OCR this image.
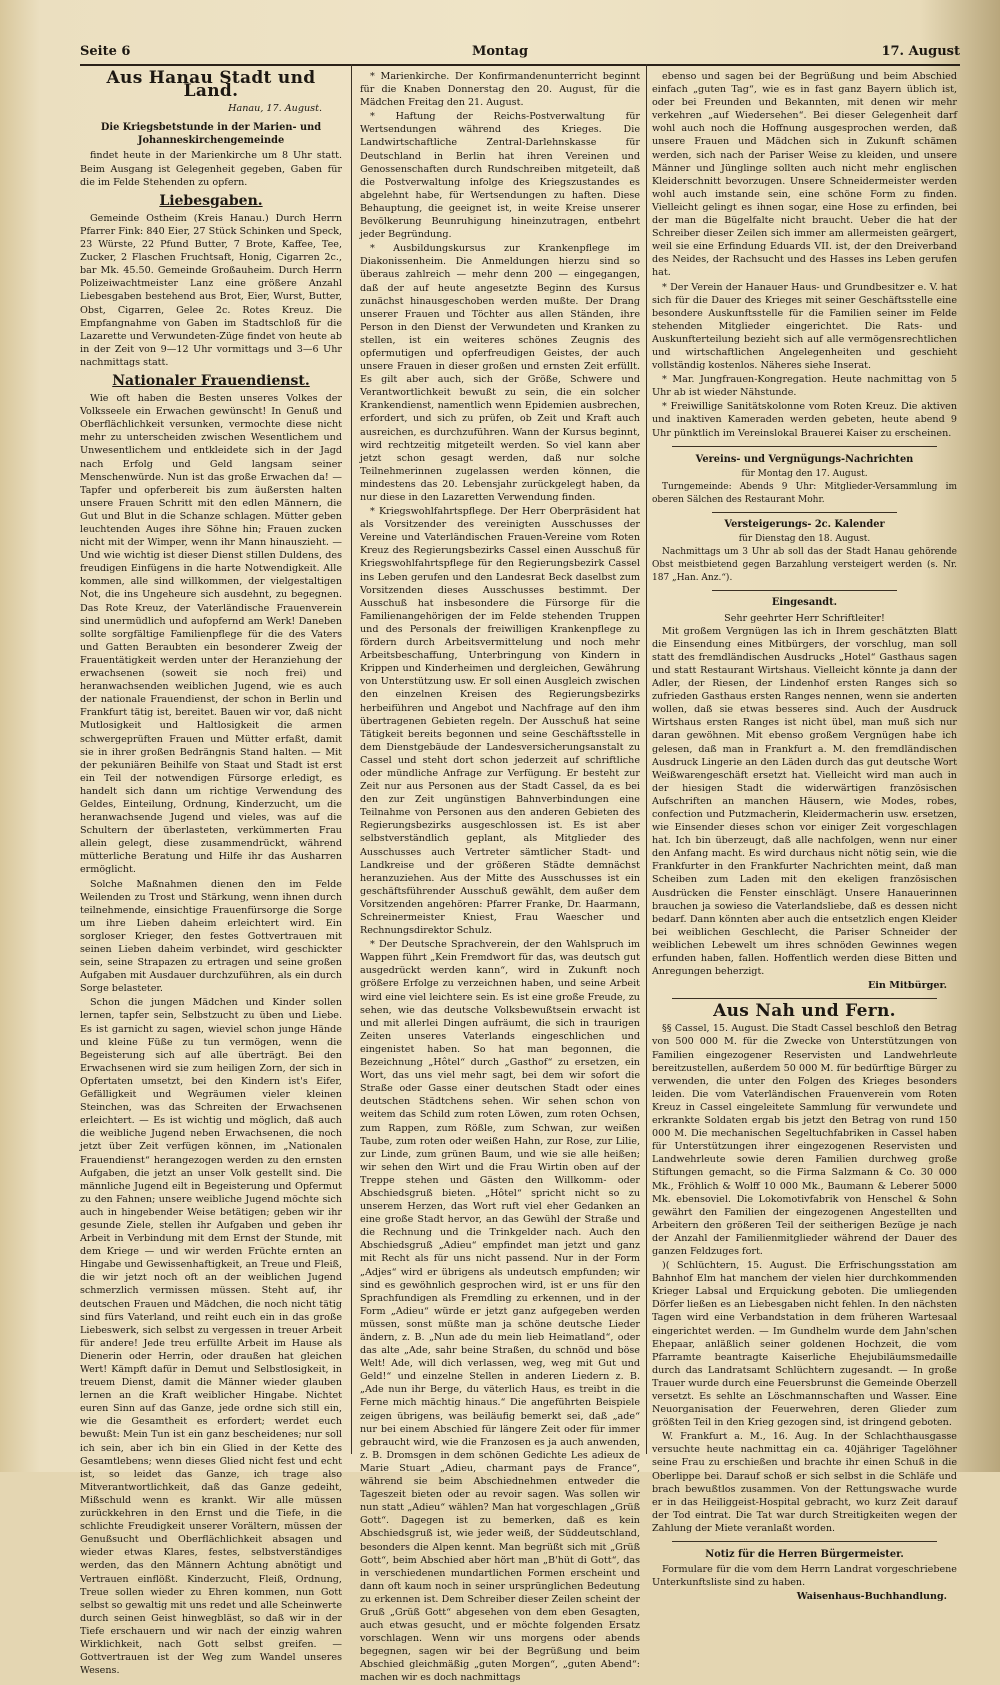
Seite 6	Montag	17. August
Aus Hanau Stadt und Land.
Hanau, 17. August.
Die Kriegsbetstunde in der Marien- und Johanneskirchengemeinde

findet heute in der Marienkirche um 8 Uhr statt. Beim Ausgang ist Gelegenheit gegeben, Gaben für die im Felde Stehenden zu opfern.

Liebesgaben.

Gemeinde Ostheim (Kreis Hanau.) Durch Herrn Pfarrer Fink: 840 Eier, 27 Stück Schinken und Speck, 23 Würste, 22 Pfund Butter, 7 Brote, Kaffee, Tee, Zucker, 2 Flaschen Fruchtsaft, Honig, Cigarren 2c., bar Mk. 45.50. Gemeinde Großauheim. Durch Herrn Polizeiwachtmeister Lanz eine größere Anzahl Liebesgaben bestehend aus Brot, Eier, Wurst, Butter, Obst, Cigarren, Gelee 2c. Rotes Kreuz. Die Empfangnahme von Gaben im Stadtschloß für die Lazarette und Verwundeten-Züge findet von heute ab in der Zeit von 9—12 Uhr vormittags und 3—6 Uhr nachmittags statt.

Nationaler Frauendienst.

Wie oft haben die Besten unseres Volkes der Volksseele ein Erwachen gewünscht! In Genuß und Oberflächlichkeit versunken, vermochte diese nicht mehr zu unterscheiden zwischen Wesentlichem und Unwesentlichem und entkleidete sich in der Jagd nach Erfolg und Geld langsam seiner Menschenwürde. Nun ist das große Erwachen da! — Tapfer und opferbereit bis zum äußersten halten unsere Frauen Schritt mit den edlen Männern, die Gut und Blut in die Schanze schlagen. Mütter geben leuchtenden Auges ihre Söhne hin; Frauen zucken nicht mit der Wimper, wenn ihr Mann hinauszieht. — Und wie wichtig ist dieser Dienst stillen Duldens, des freudigen Einfügens in die harte Notwendigkeit. Alle kommen, alle sind willkommen, der vielgestaltigen Not, die ins Ungeheure sich ausdehnt, zu begegnen. Das Rote Kreuz, der Vaterländische Frauenverein sind unermüdlich und aufopfernd am Werk! Daneben sollte sorgfältige Familienpflege für die des Vaters und Gatten Beraubten ein besonderer Zweig der Frauentätigkeit werden unter der Heranziehung der erwachsenen (soweit sie noch frei) und heranwachsenden weiblichen Jugend, wie es auch der nationale Frauendienst, der schon in Berlin und Frankfurt tätig ist, bereitet. Bauen wir vor, daß nicht Mutlosigkeit und Haltlosigkeit die armen schwergeprüften Frauen und Mütter erfaßt, damit sie in ihrer großen Bedrängnis Stand halten. — Mit der pekuniären Beihilfe von Staat und Stadt ist erst ein Teil der notwendigen Fürsorge erledigt, es handelt sich dann um richtige Verwendung des Geldes, Einteilung, Ordnung, Kinderzucht, um die heranwachsende Jugend und vieles, was auf die Schultern der überlasteten, verkümmerten Frau allein gelegt, diese zusammendrückt, während mütterliche Beratung und Hilfe ihr das Ausharren ermöglicht.

Solche Maßnahmen dienen den im Felde Weilenden zu Trost und Stärkung, wenn ihnen durch teilnehmende, einsichtige Frauenfürsorge die Sorge um ihre Lieben daheim erleichtert wird. Ein sorgloser Krieger, den festes Gottvertrauen mit seinen Lieben daheim verbindet, wird geschickter sein, seine Strapazen zu ertragen und seine großen Aufgaben mit Ausdauer durchzuführen, als ein durch Sorge belasteter.

Schon die jungen Mädchen und Kinder sollen lernen, tapfer sein, Selbstzucht zu üben und Liebe. Es ist garnicht zu sagen, wieviel schon junge Hände und kleine Füße zu tun vermögen, wenn die Begeisterung sich auf alle überträgt. Bei den Erwachsenen wird sie zum heiligen Zorn, der sich in Opfertaten umsetzt, bei den Kindern ist's Eifer, Gefälligkeit und Wegräumen vieler kleinen Steinchen, was das Schreiten der Erwachsenen erleichtert. — Es ist wichtig und möglich, daß auch die weibliche Jugend neben Erwachsenen, die noch jetzt über Zeit verfügen können, im „Nationalen Frauendienst“ herangezogen werden zu den ernsten Aufgaben, die jetzt an unser Volk gestellt sind. Die männliche Jugend eilt in Begeisterung und Opfermut zu den Fahnen; unsere weibliche Jugend möchte sich auch in hingebender Weise betätigen; geben wir ihr gesunde Ziele, stellen ihr Aufgaben und geben ihr Arbeit in Verbindung mit dem Ernst der Stunde, mit dem Kriege — und wir werden Früchte ernten an Hingabe und Gewissenhaftigkeit, an Treue und Fleiß, die wir jetzt noch oft an der weiblichen Jugend schmerzlich vermissen müssen. Steht auf, ihr deutschen Frauen und Mädchen, die noch nicht tätig sind fürs Vaterland, und reiht euch ein in das große Liebeswerk, sich selbst zu vergessen in treuer Arbeit für andere! Jede treu erfüllte Arbeit im Hause als Dienerin oder Herrin, oder draußen hat gleichen Wert! Kämpft dafür in Demut und Selbstlosigkeit, in treuem Dienst, damit die Männer wieder glauben lernen an die Kraft weiblicher Hingabe. Nichtet euren Sinn auf das Ganze, jede ordne sich still ein, wie die Gesamtheit es erfordert; werdet euch bewußt: Mein Tun ist ein ganz bescheidenes; nur soll ich sein, aber ich bin ein Glied in der Kette des Gesamtlebens; wenn dieses Glied nicht fest und echt ist, so leidet das Ganze, ich trage also Mitverantwortlichkeit, daß das Ganze gedeiht, Mißschuld wenn es krankt. Wir alle müssen zurückkehren in den Ernst und die Tiefe, in die schlichte Freudigkeit unserer Vorältern, müssen der Genußsucht und Oberflächlichkeit absagen und wieder etwas Klares, festes, selbstverständiges werden, das den Männern Achtung abnötigt und Vertrauen einflößt. Kinderzucht, Fleiß, Ordnung, Treue sollen wieder zu Ehren kommen, nun Gott selbst so gewaltig mit uns redet und alle Scheinwerte durch seinen Geist hinwegbläst, so daß wir in der Tiefe erschauern und wir nach der einzig wahren Wirklichkeit, nach Gott selbst greifen. — Gottvertrauen ist der Weg zum Wandel unseres Wesens.

* Marienkirche. Der Konfirmandenunterricht beginnt für die Knaben Donnerstag den 20. August, für die Mädchen Freitag den 21. August.

* Haftung der Reichs-Postverwaltung für Wertsendungen während des Krieges. Die Landwirtschaftliche Zentral-Darlehnskasse für Deutschland in Berlin hat ihren Vereinen und Genossenschaften durch Rundschreiben mitgeteilt, daß die Postverwaltung infolge des Kriegszustandes es abgelehnt habe, für Wertsendungen zu haften. Diese Behauptung, die geeignet ist, in weite Kreise unserer Bevölkerung Beunruhigung hineinzutragen, entbehrt jeder Begründung.

* Ausbildungskursus zur Krankenpflege im Diakonissenheim. Die Anmeldungen hierzu sind so überaus zahlreich — mehr denn 200 — eingegangen, daß der auf heute angesetzte Beginn des Kursus zunächst hinausgeschoben werden mußte. Der Drang unserer Frauen und Töchter aus allen Ständen, ihre Person in den Dienst der Verwundeten und Kranken zu stellen, ist ein weiteres schönes Zeugnis des opfermutigen und opferfreudigen Geistes, der auch unsere Frauen in dieser großen und ernsten Zeit erfüllt. Es gilt aber auch, sich der Größe, Schwere und Verantwortlichkeit bewußt zu sein, die ein solcher Krankendienst, namentlich wenn Epidemien ausbrechen, erfordert, und sich zu prüfen, ob Zeit und Kraft auch ausreichen, es durchzuführen. Wann der Kursus beginnt, wird rechtzeitig mitgeteilt werden. So viel kann aber jetzt schon gesagt werden, daß nur solche Teilnehmerinnen zugelassen werden können, die mindestens das 20. Lebensjahr zurückgelegt haben, da nur diese in den Lazaretten Verwendung finden.

* Kriegswohlfahrtspflege. Der Herr Oberpräsident hat als Vorsitzender des vereinigten Ausschusses der Vereine und Vaterländischen Frauen-Vereine vom Roten Kreuz des Regierungsbezirks Cassel einen Ausschuß für Kriegswohlfahrtspflege für den Regierungsbezirk Cassel ins Leben gerufen und den Landesrat Beck daselbst zum Vorsitzenden dieses Ausschusses bestimmt. Der Ausschuß hat insbesondere die Fürsorge für die Familienangehörigen der im Felde stehenden Truppen und des Personals der freiwilligen Krankenpflege zu fördern durch Arbeitsvermittelung und noch mehr Arbeitsbeschaffung, Unterbringung von Kindern in Krippen und Kinderheimen und dergleichen, Gewährung von Unterstützung usw. Er soll einen Ausgleich zwischen den einzelnen Kreisen des Regierungsbezirks herbeiführen und Angebot und Nachfrage auf den ihm übertragenen Gebieten regeln. Der Ausschuß hat seine Tätigkeit bereits begonnen und seine Geschäftsstelle in dem Dienstgebäude der Landesversicherungsanstalt zu Cassel und steht dort schon jederzeit auf schriftliche oder mündliche Anfrage zur Verfügung. Er besteht zur Zeit nur aus Personen aus der Stadt Cassel, da es bei den zur Zeit ungünstigen Bahnverbindungen eine Teilnahme von Personen aus den anderen Gebieten des Regierungsbezirks ausgeschlossen ist. Es ist aber selbstverständlich geplant, als Mitglieder des Ausschusses auch Vertreter sämtlicher Stadt- und Landkreise und der größeren Städte demnächst heranzuziehen. Aus der Mitte des Ausschusses ist ein geschäftsführender Ausschuß gewählt, dem außer dem Vorsitzenden angehören: Pfarrer Franke, Dr. Haarmann, Schreinermeister Kniest, Frau Waescher und Rechnungsdirektor Schulz.

* Der Deutsche Sprachverein, der den Wahlspruch im Wappen führt „Kein Fremdwort für das, was deutsch gut ausgedrückt werden kann“, wird in Zukunft noch größere Erfolge zu verzeichnen haben, und seine Arbeit wird eine viel leichtere sein. Es ist eine große Freude, zu sehen, wie das deutsche Volksbewußtsein erwacht ist und mit allerlei Dingen aufräumt, die sich in traurigen Zeiten unseres Vaterlands eingeschlichen und eingenistet haben. So hat man begonnen, die Bezeichnung „Hôtel“ durch „Gasthof“ zu ersetzen, ein Wort, das uns viel mehr sagt, bei dem wir sofort die Straße oder Gasse einer deutschen Stadt oder eines deutschen Städtchens sehen. Wir sehen schon von weitem das Schild zum roten Löwen, zum roten Ochsen, zum Rappen, zum Rößle, zum Schwan, zur weißen Taube, zum roten oder weißen Hahn, zur Rose, zur Lilie, zur Linde, zum grünen Baum, und wie sie alle heißen; wir sehen den Wirt und die Frau Wirtin oben auf der Treppe stehen und Gästen den Willkomm- oder Abschiedsgruß bieten. „Hôtel“ spricht nicht so zu unserem Herzen, das Wort ruft viel eher Gedanken an eine große Stadt hervor, an das Gewühl der Straße und die Rechnung und die Trinkgelder nach. Auch den Abschiedsgruß „Adieu“ empfindet man jetzt und ganz mit Recht als für uns nicht passend. Nur in der Form „Adjes“ wird er übrigens als undeutsch empfunden; wir sind es gewöhnlich gesprochen wird, ist er uns für den Sprachfundigen als Fremdling zu erkennen, und in der Form „Adieu“ würde er jetzt ganz aufgegeben werden müssen, sonst müßte man ja schöne deutsche Lieder ändern, z. B. „Nun ade du mein lieb Heimatland“, oder das alte „Ade, sahr beine Straßen, du schnöd und böse Welt! Ade, will dich verlassen, weg, weg mit Gut und Geld!“ und einzelne Stellen in anderen Liedern z. B. „Ade nun ihr Berge, du väterlich Haus, es treibt in die Ferne mich mächtig hinaus.“ Die angeführten Beispiele zeigen übrigens, was beiläufig bemerkt sei, daß „ade“ nur bei einem Abschied für längere Zeit oder für immer gebraucht wird, wie die Franzosen es ja auch anwenden, z. B. Dromsgen in dem schönen Gedichte Les adieux de Marie Stuart „Adieu, charmant pays de France“, während sie beim Abschiednehmen entweder die Tageszeit bieten oder au revoir sagen. Was sollen wir nun statt „Adieu“ wählen? Man hat vorgeschlagen „Grüß Gott“. Dagegen ist zu bemerken, daß es kein Abschiedsgruß ist, wie jeder weiß, der Süddeutschland, besonders die Alpen kennt. Man begrüßt sich mit „Grüß Gott“, beim Abschied aber hört man „B'hüt di Gott“, das in verschiedenen mundartlichen Formen erscheint und dann oft kaum noch in seiner ursprünglichen Bedeutung zu erkennen ist. Dem Schreiber dieser Zeilen scheint der Gruß „Grüß Gott“ abgesehen von dem eben Gesagten, auch etwas gesucht, und er möchte folgenden Ersatz vorschlagen. Wenn wir uns morgens oder abends begegnen, sagen wir bei der Begrüßung und beim Abschied gleichmäßig „guten Morgen“, „guten Abend“: machen wir es doch nachmittags

ebenso und sagen bei der Begrüßung und beim Abschied einfach „guten Tag“, wie es in fast ganz Bayern üblich ist, oder bei Freunden und Bekannten, mit denen wir mehr verkehren „auf Wiedersehen“. Bei dieser Gelegenheit darf wohl auch noch die Hoffnung ausgesprochen werden, daß unsere Frauen und Mädchen sich in Zukunft schämen werden, sich nach der Pariser Weise zu kleiden, und unsere Männer und Jünglinge sollten auch nicht mehr englischen Kleiderschnitt bevorzugen. Unsere Schneidermeister werden wohl auch imstande sein, eine schöne Form zu finden. Vielleicht gelingt es ihnen sogar, eine Hose zu erfinden, bei der man die Bügelfalte nicht braucht. Ueber die hat der Schreiber dieser Zeilen sich immer am allermeisten geärgert, weil sie eine Erfindung Eduards VII. ist, der den Dreiverband des Neides, der Rachsucht und des Hasses ins Leben gerufen hat.

* Der Verein der Hanauer Haus- und Grundbesitzer e. V. hat sich für die Dauer des Krieges mit seiner Geschäftsstelle eine besondere Auskunftsstelle für die Familien seiner im Felde stehenden Mitglieder eingerichtet. Die Rats- und Auskunfterteilung bezieht sich auf alle vermögensrechtlichen und wirtschaftlichen Angelegenheiten und geschieht vollständig kostenlos. Näheres siehe Inserat.

* Mar. Jungfrauen-Kongregation. Heute nachmittag von 5 Uhr ab ist wieder Nähstunde.

* Freiwillige Sanitätskolonne vom Roten Kreuz. Die aktiven und inaktiven Kameraden werden gebeten, heute abend 9 Uhr pünktlich im Vereinslokal Brauerei Kaiser zu erscheinen.

Vereins- und Vergnügungs-Nachrichten
für Montag den 17. August.

Turngemeinde: Abends 9 Uhr: Mitglieder-Versammlung im oberen Sälchen des Restaurant Mohr.

Versteigerungs- 2c. Kalender
für Dienstag den 18. August.

Nachmittags um 3 Uhr ab soll das der Stadt Hanau gehörende Obst meistbietend gegen Barzahlung versteigert werden (s. Nr. 187 „Han. Anz.“).

Eingesandt.
Sehr geehrter Herr Schriftleiter!

Mit großem Vergnügen las ich in Ihrem geschätzten Blatt die Einsendung eines Mitbürgers, der vorschlug, man soll statt des fremdländischen Ausdrucks „Hotel“ Gasthaus sagen und statt Restaurant Wirtshaus. Vielleicht könnte ja dann der Adler, der Riesen, der Lindenhof ersten Ranges sich so zufrieden Gasthaus ersten Ranges nennen, wenn sie anderten wollen, daß sie etwas besseres sind. Auch der Ausdruck Wirtshaus ersten Ranges ist nicht übel, man muß sich nur daran gewöhnen. Mit ebenso großem Vergnügen habe ich gelesen, daß man in Frankfurt a. M. den fremdländischen Ausdruck Lingerie an den Läden durch das gut deutsche Wort Weißwarengeschäft ersetzt hat. Vielleicht wird man auch in der hiesigen Stadt die widerwärtigen französischen Aufschriften an manchen Häusern, wie Modes, robes, confection und Putzmacherin, Kleidermacherin usw. ersetzen, wie Einsender dieses schon vor einiger Zeit vorgeschlagen hat. Ich bin überzeugt, daß alle nachfolgen, wenn nur einer den Anfang macht. Es wird durchaus nicht nötig sein, wie die Frankfurter in den Frankfurter Nachrichten meint, daß man Scheiben zum Laden mit den ekeligen französischen Ausdrücken die Fenster einschlägt. Unsere Hanauerinnen brauchen ja sowieso die Vaterlandsliebe, daß es dessen nicht bedarf. Dann könnten aber auch die entsetzlich engen Kleider bei weiblichen Geschlecht, die Pariser Schneider der weiblichen Lebewelt um ihres schnöden Gewinnes wegen erfunden haben, fallen. Hoffentlich werden diese Bitten und Anregungen beherzigt.

Ein Mitbürger.
Aus Nah und Fern.

§§ Cassel, 15. August. Die Stadt Cassel beschloß den Betrag von 500 000 M. für die Zwecke von Unterstützungen von Familien eingezogener Reservisten und Landwehrleute bereitzustellen, außerdem 50 000 M. für bedürftige Bürger zu verwenden, die unter den Folgen des Krieges besonders leiden. Die vom Vaterländischen Frauenverein vom Roten Kreuz in Cassel eingeleitete Sammlung für verwundete und erkrankte Soldaten ergab bis jetzt den Betrag von rund 150 000 M. Die mechanischen Segeltuchfabriken in Cassel haben für Unterstützungen ihrer eingezogenen Reservisten und Landwehrleute sowie deren Familien durchweg große Stiftungen gemacht, so die Firma Salzmann & Co. 30 000 Mk., Fröhlich & Wolff 10 000 Mk., Baumann & Leberer 5000 Mk. ebensoviel. Die Lokomotivfabrik von Henschel & Sohn gewährt den Familien der eingezogenen Angestellten und Arbeitern den größeren Teil der seitherigen Bezüge je nach der Anzahl der Familienmitglieder während der Dauer des ganzen Feldzuges fort.

)( Schlüchtern, 15. August. Die Erfrischungsstation am Bahnhof Elm hat manchem der vielen hier durchkommenden Krieger Labsal und Erquickung geboten. Die umliegenden Dörfer ließen es an Liebesgaben nicht fehlen. In den nächsten Tagen wird eine Verbandstation in dem früheren Wartesaal eingerichtet werden. — Im Gundhelm wurde dem Jahn'schen Ehepaar, anläßlich seiner goldenen Hochzeit, die vom Pfarramte beantragte Kaiserliche Ehejubiläumsmedaille durch das Landratsamt Schlüchtern zugesandt. — In große Trauer wurde durch eine Feuersbrunst die Gemeinde Oberzell versetzt. Es sehlte an Löschmannschaften und Wasser. Eine Neuorganisation der Feuerwehren, deren Glieder zum größten Teil in den Krieg gezogen sind, ist dringend geboten.

W. Frankfurt a. M., 16. Aug. In der Schlachthausgasse versuchte heute nachmittag ein ca. 40jähriger Tagelöhner seine Frau zu erschießen und brachte ihr einen Schuß in die Oberlippe bei. Darauf schoß er sich selbst in die Schläfe und brach bewußtlos zusammen. Von der Rettungswache wurde er in das Heiliggeist-Hospital gebracht, wo kurz Zeit darauf der Tod eintrat. Die Tat war durch Streitigkeiten wegen der Zahlung der Miete veranlaßt worden.

Notiz für die Herren Bürgermeister.

Formulare für die vom dem Herrn Landrat vorgeschriebene Unterkunftsliste sind zu haben.

Waisenhaus-Buchhandlung.
